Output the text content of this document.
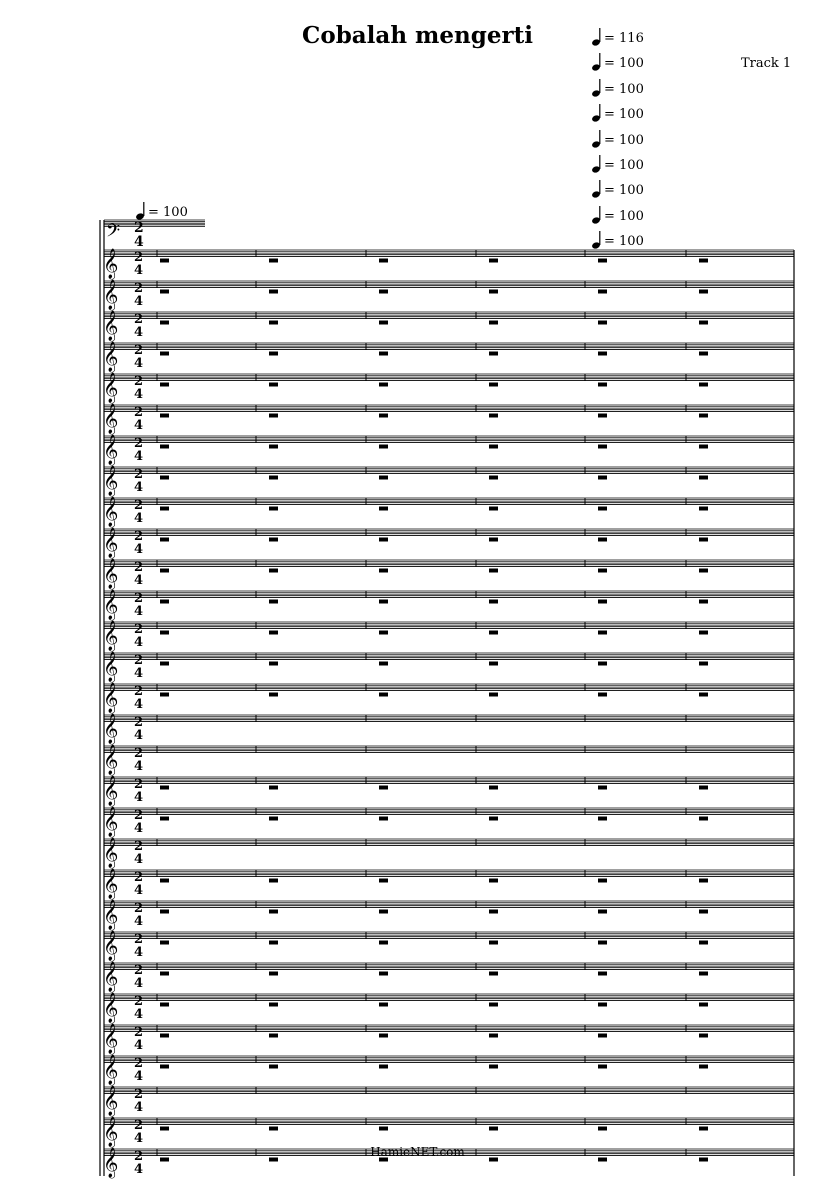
Cobalah mengerti
Track 1
= 100
= 116
= 100
= 100
= 100
= 100
= 100
= 100
= 100
= 100
𝄢 2
4
𝄞 2
4
𝄞 2
4
𝄞 2
4
𝄞 2
4
𝄞 2
4
𝄞 2
4
𝄞 2
4
𝄞 2
4
𝄞 2
4
𝄞 2
4
𝄞 2
4
𝄞 2
4
𝄞 2
4
𝄞 2
4
𝄞 2
4
𝄞 2
4
𝄞 2
4
𝄞 2
4
𝄞 2
4
𝄞 2
4
𝄞 2
4
𝄞 2
4
𝄞 2
4
𝄞 2
4
𝄞 2
4
𝄞 2
4
𝄞 2
4
𝄞 2
4
𝄞 2
4
𝄞 2
4
HamieNET.com
